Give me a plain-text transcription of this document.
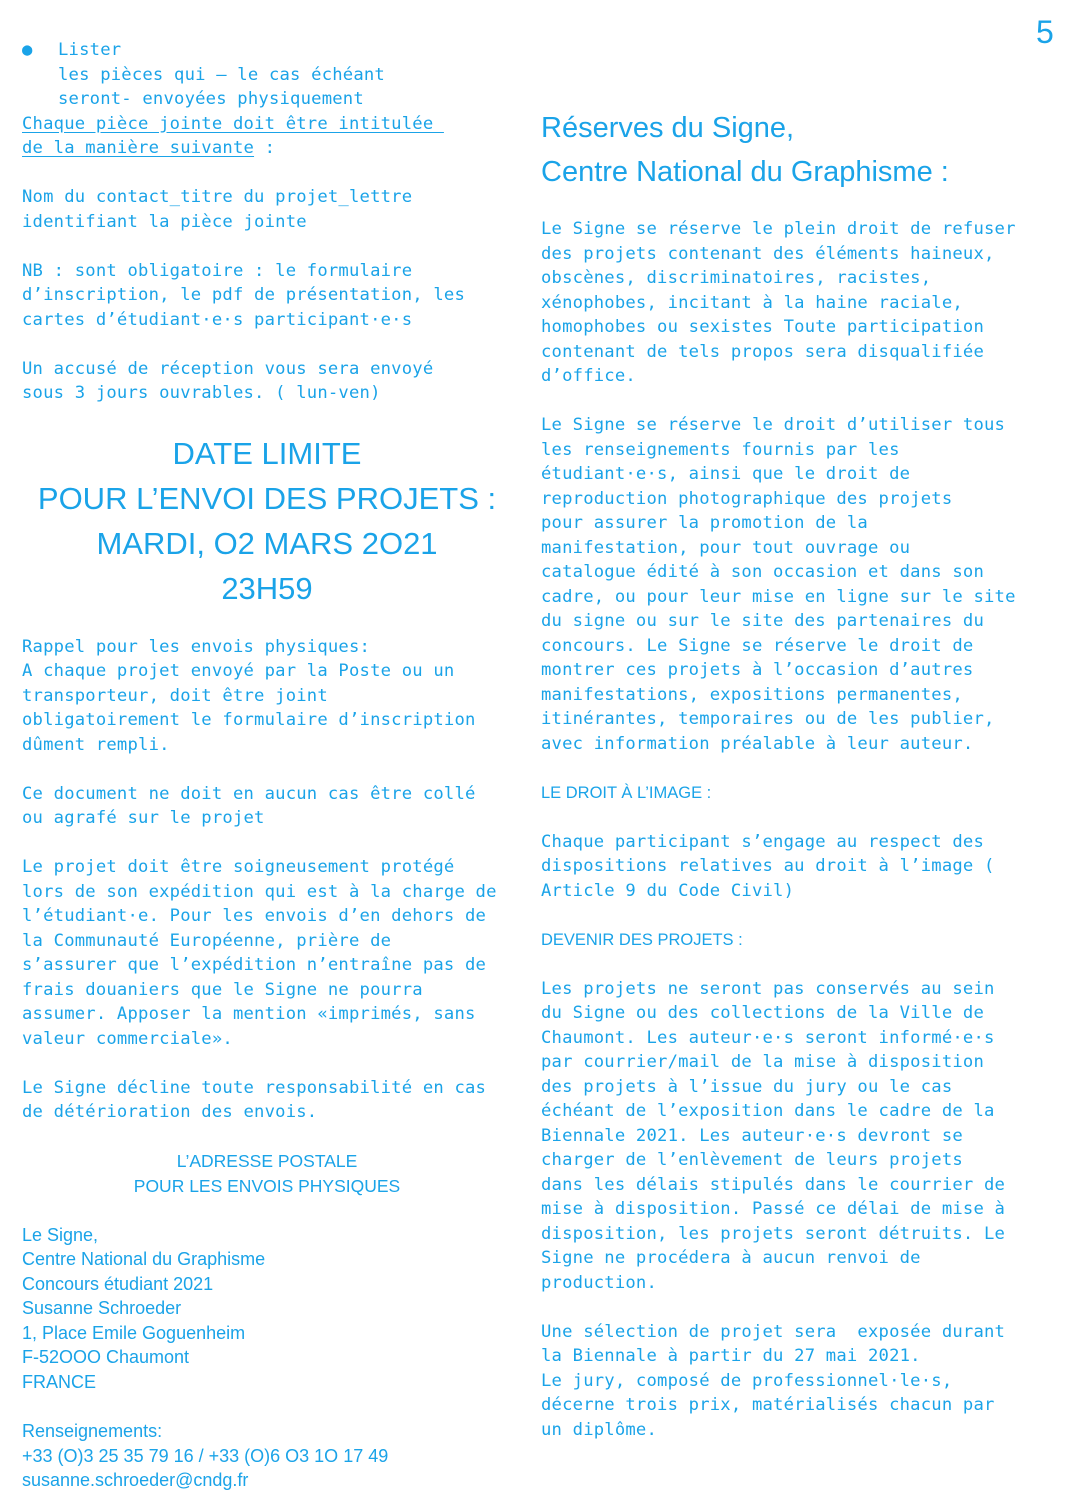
5
●	Lister
les pièces qui – le cas échéant
seront- envoyées physiquement

Chaque pièce jointe doit être intitulée
de la manière suivante :

Nom du contact_titre du projet_lettre
identifiant la pièce jointe

NB : sont obligatoire : le formulaire
d’inscription, le pdf de présentation, les
cartes d’étudiant·e·s participant·e·s

Un accusé de réception vous sera envoyé
sous 3 jours ouvrables. ( lun-ven)

DATE LIMITE
POUR L’ENVOI DES PROJETS :
MARDI, O2 MARS 2O21
23H59

Rappel pour les envois physiques:
A chaque projet envoyé par la Poste ou un
transporteur, doit être joint
obligatoirement le formulaire d’inscription
dûment rempli.

Ce document ne doit en aucun cas être collé
ou agrafé sur le projet

Le projet doit être soigneusement protégé
lors de son expédition qui est à la charge de
l’étudiant·e. Pour les envois d’en dehors de
la Communauté Européenne, prière de
s’assurer que l’expédition n’entraîne pas de
frais douaniers que le Signe ne pourra
assumer. Apposer la mention «imprimés, sans
valeur commerciale».

Le Signe décline toute responsabilité en cas
de détérioration des envois.

L’ADRESSE POSTALE
POUR LES ENVOIS PHYSIQUES
Le Signe,
Centre National du Graphisme
Concours étudiant 2021
Susanne Schroeder
1, Place Emile Goguenheim
F-52OOO Chaumont
FRANCE
Renseignements:
+33 (O)3 25 35 79 16 / +33 (O)6 O3 1O 17 49
susanne.schroeder@cndg.fr
Réserves du Signe,
Centre National du Graphisme :

Le Signe se réserve le plein droit de refuser
des projets contenant des éléments haineux,
obscènes, discriminatoires, racistes,
xénophobes, incitant à la haine raciale,
homophobes ou sexistes Toute participation
contenant de tels propos sera disqualifiée
d’office.

Le Signe se réserve le droit d’utiliser tous
les renseignements fournis par les
étudiant·e·s, ainsi que le droit de
reproduction photographique des projets
pour assurer la promotion de la
manifestation, pour tout ouvrage ou
catalogue édité à son occasion et dans son
cadre, ou pour leur mise en ligne sur le site
du signe ou sur le site des partenaires du
concours. Le Signe se réserve le droit de
montrer ces projets à l’occasion d’autres
manifestations, expositions permanentes,
itinérantes, temporaires ou de les publier,
avec information préalable à leur auteur.

LE DROIT À L’IMAGE :

Chaque participant s’engage au respect des
dispositions relatives au droit à l’image (
Article 9 du Code Civil)

DEVENIR DES PROJETS :

Les projets ne seront pas conservés au sein
du Signe ou des collections de la Ville de
Chaumont. Les auteur·e·s seront informé·e·s
par courrier/mail de la mise à disposition
des projets à l’issue du jury ou le cas
échéant de l’exposition dans le cadre de la
Biennale 2021. Les auteur·e·s devront se
charger de l’enlèvement de leurs projets
dans les délais stipulés dans le courrier de
mise à disposition. Passé ce délai de mise à
disposition, les projets seront détruits. Le
Signe ne procédera à aucun renvoi de
production.

Une sélection de projet sera  exposée durant
la Biennale à partir du 27 mai 2021.
Le jury, composé de professionnel·le·s,
décerne trois prix, matérialisés chacun par
un diplôme.
